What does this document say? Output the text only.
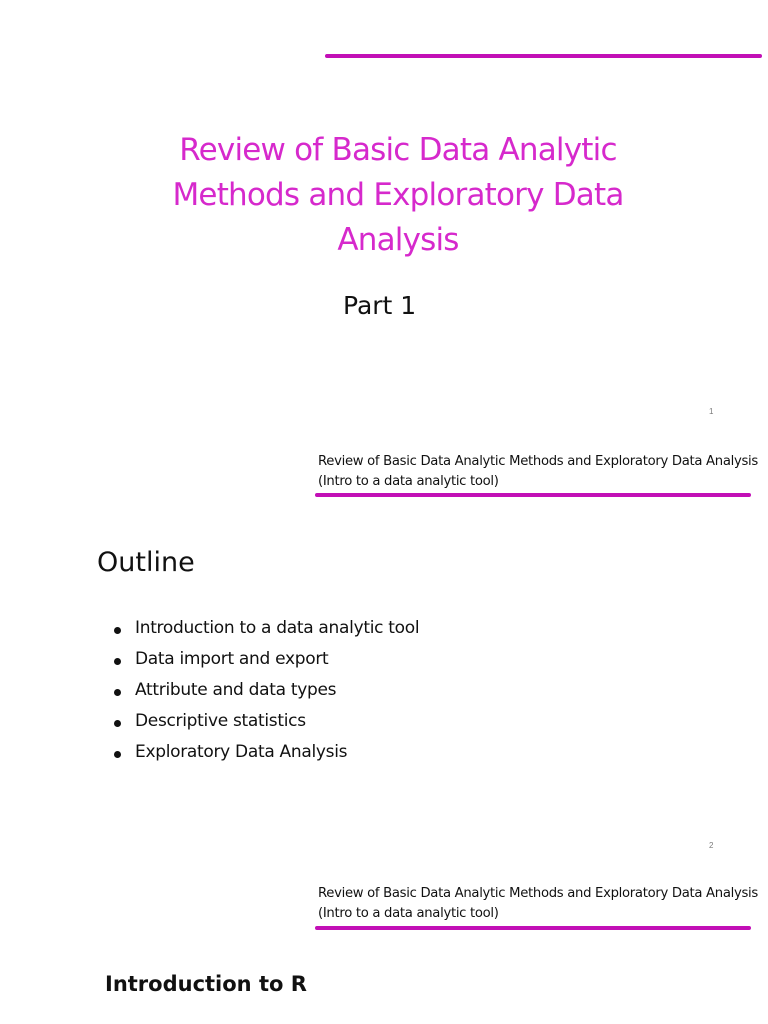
Review of Basic Data Analytic
Methods and Exploratory Data
Analysis
Part 1
1
Review of Basic Data Analytic Methods and Exploratory Data Analysis
(Intro to a data analytic tool)
Outline
Introduction to a data analytic tool
Data import and export
Attribute and data types
Descriptive statistics
Exploratory Data Analysis
2
Review of Basic Data Analytic Methods and Exploratory Data Analysis
(Intro to a data analytic tool)
Introduction to R
